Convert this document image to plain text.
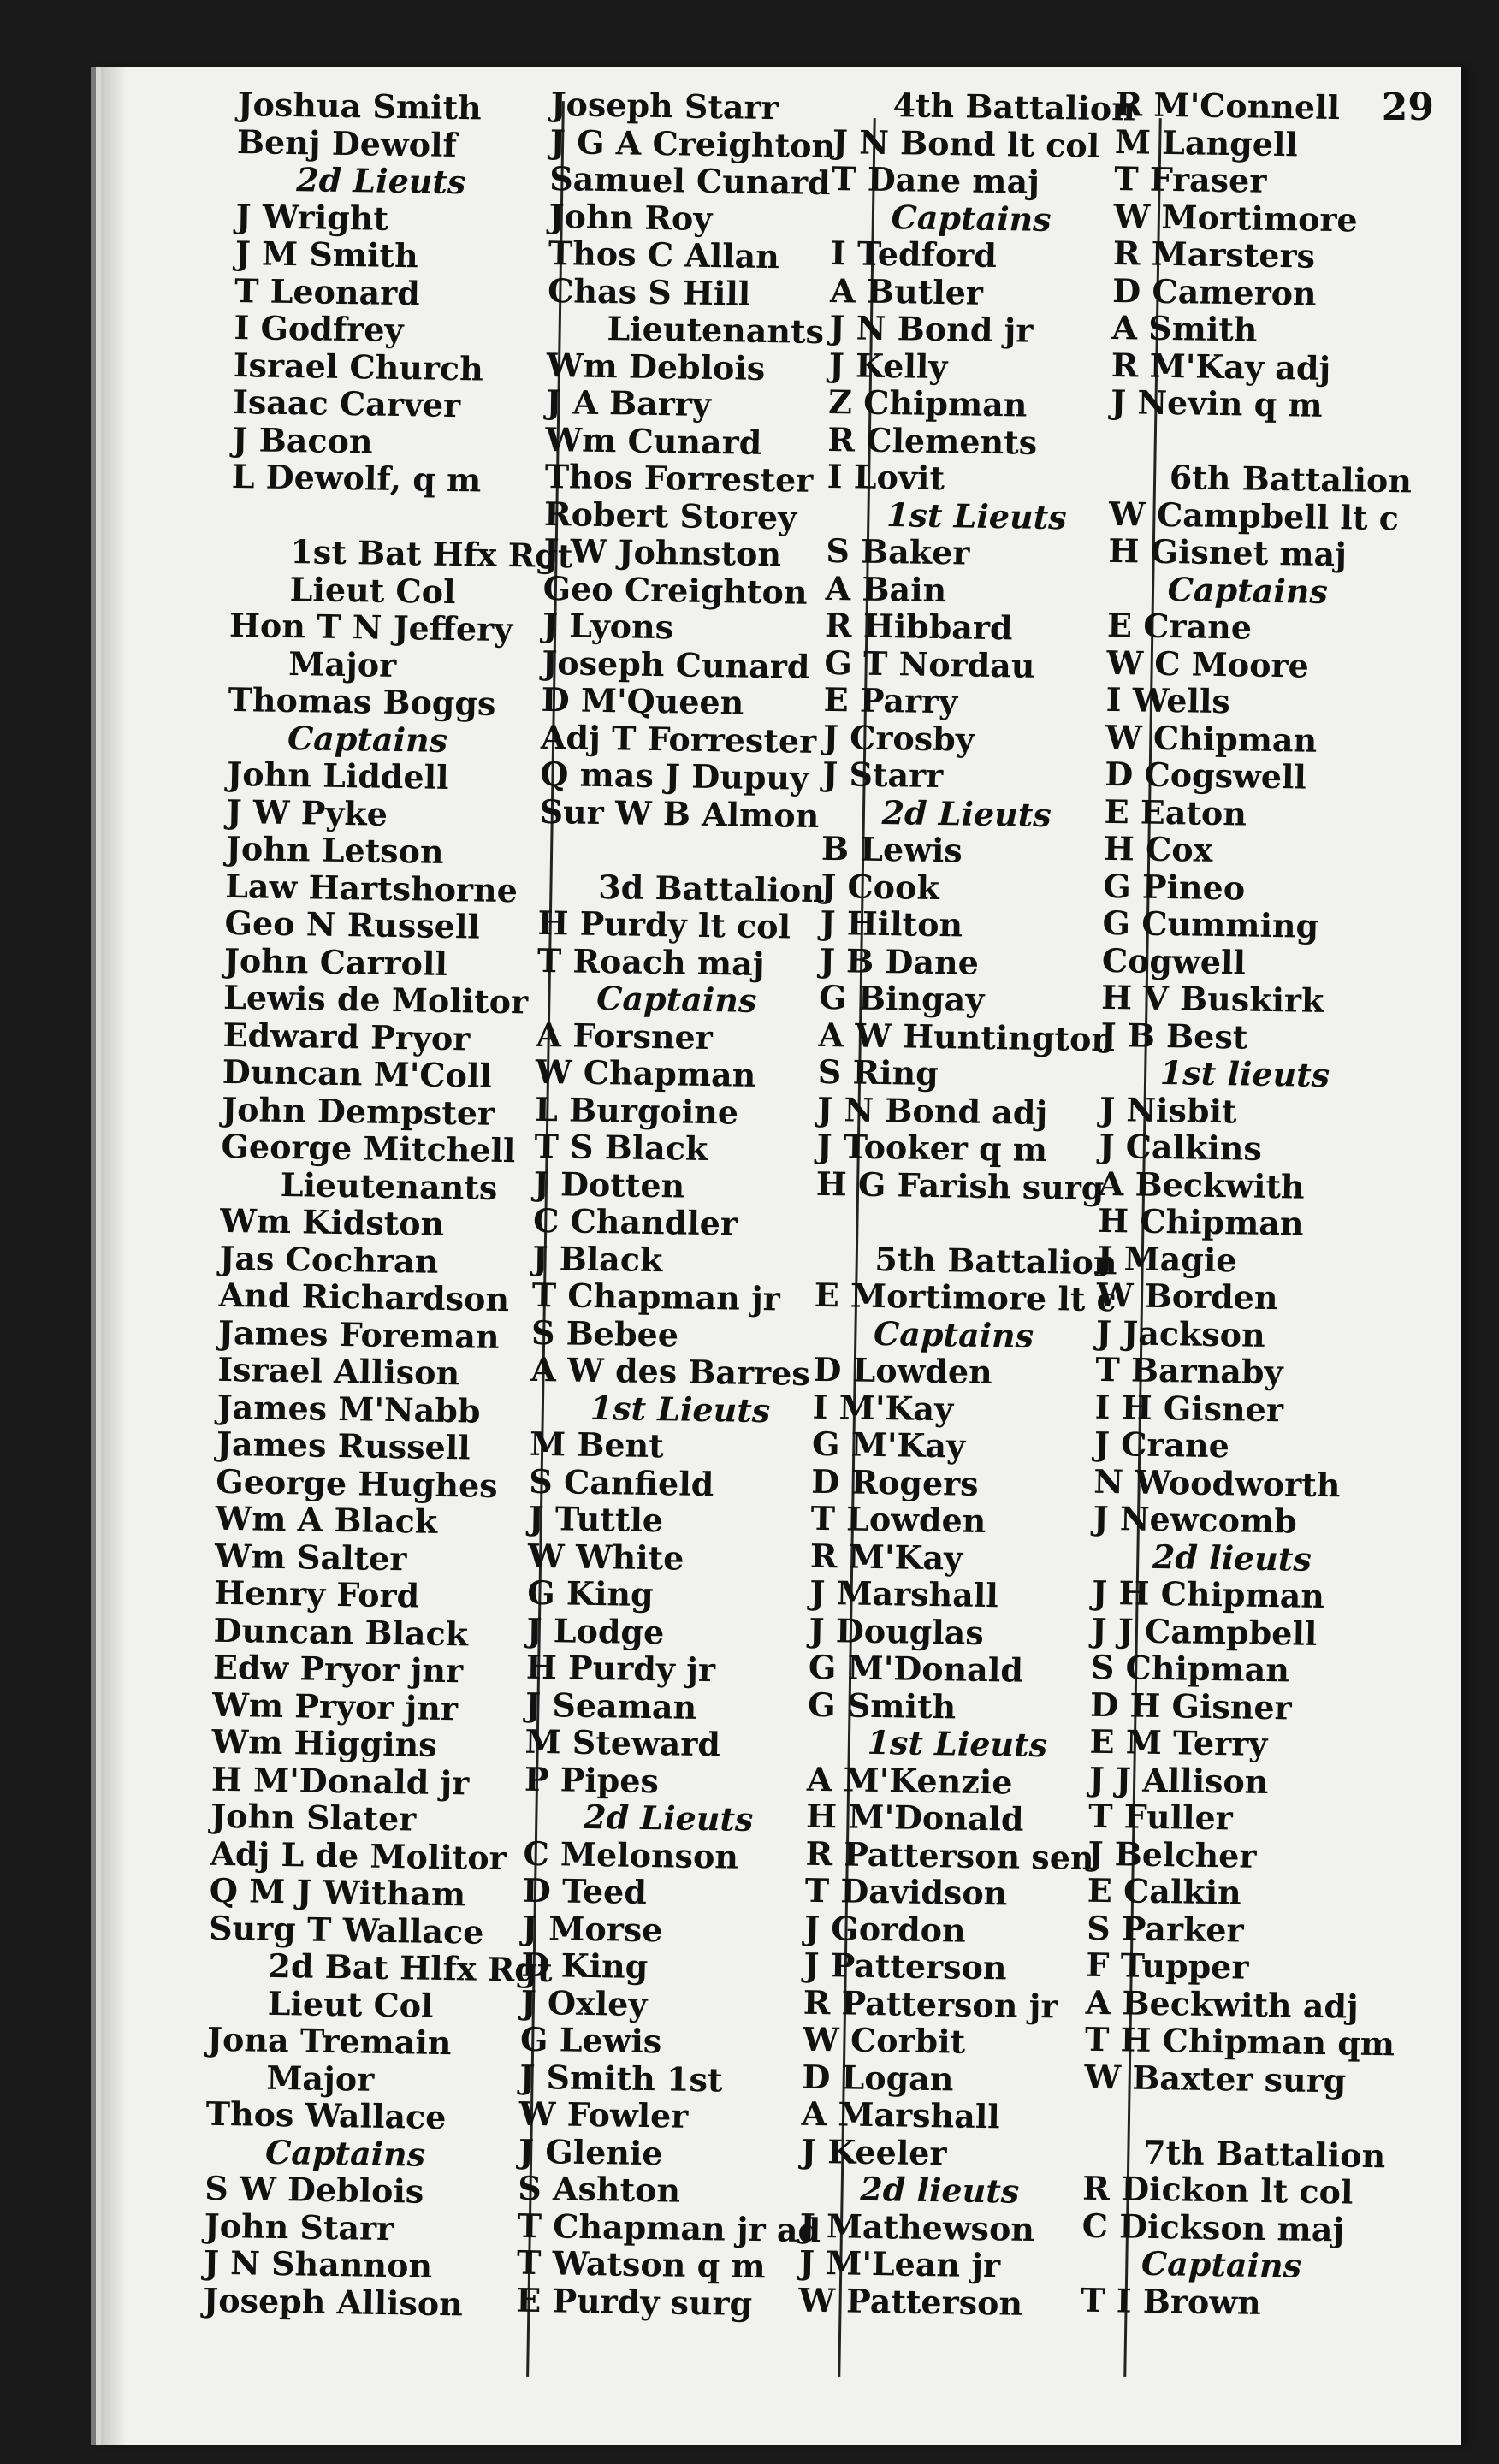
29
Joshua Smith
Benj Dewolf
2d Lieuts
J Wright
J M Smith
T Leonard
I Godfrey
Israel Church
Isaac Carver
J Bacon
L Dewolf, q m
1st Bat Hfx Rgt
Lieut Col
Hon T N Jeffery
Major
Thomas Boggs
Captains
John Liddell
J W Pyke
John Letson
Law Hartshorne
Geo N Russell
John Carroll
Lewis de Molitor
Edward Pryor
Duncan M'Coll
John Dempster
George Mitchell
Lieutenants
Wm Kidston
Jas Cochran
And Richardson
James Foreman
Israel Allison
James M'Nabb
James Russell
George Hughes
Wm A Black
Wm Salter
Henry Ford
Duncan Black
Edw Pryor jnr
Wm Pryor jnr
Wm Higgins
H M'Donald jr
John Slater
Adj L de Molitor
Q M J Witham
Surg T Wallace
2d Bat Hlfx Rgt
Lieut Col
Jona Tremain
Major
Thos Wallace
Captains
S W Deblois
John Starr
J N Shannon
Joseph Allison
Joseph Starr
J G A Creighton
Samuel Cunard
John Roy
Thos C Allan
Chas S Hill
Lieutenants
Wm Deblois
J A Barry
Wm Cunard
Thos Forrester
Robert Storey
J W Johnston
Geo Creighton
J Lyons
Joseph Cunard
D M'Queen
Adj T Forrester
Q mas J Dupuy
Sur W B Almon
3d Battalion
H Purdy lt col
T Roach maj
Captains
A Forsner
W Chapman
L Burgoine
T S Black
J Dotten
C Chandler
J Black
T Chapman jr
S Bebee
A W des Barres
1st Lieuts
M Bent
S Canfield
J Tuttle
W White
G King
J Lodge
H Purdy jr
J Seaman
M Steward
P Pipes
2d Lieuts
C Melonson
D Teed
J Morse
D King
J Oxley
G Lewis
J Smith 1st
W Fowler
J Glenie
S Ashton
T Chapman jr ad
T Watson q m
E Purdy surg
4th Battalion
J N Bond lt col
T Dane maj
Captains
I Tedford
A Butler
J N Bond jr
J Kelly
Z Chipman
R Clements
I Lovit
1st Lieuts
S Baker
A Bain
R Hibbard
G T Nordau
E Parry
J Crosby
J Starr
2d Lieuts
B Lewis
J Cook
J Hilton
J B Dane
G Bingay
A W Huntington
S Ring
J N Bond adj
J Tooker q m
H G Farish surg
5th Battalion
E Mortimore lt c
Captains
D Lowden
I M'Kay
G M'Kay
D Rogers
T Lowden
R M'Kay
J Marshall
J Douglas
G M'Donald
G Smith
1st Lieuts
A M'Kenzie
H M'Donald
R Patterson sen
T Davidson
J Gordon
J Patterson
R Patterson jr
W Corbit
D Logan
A Marshall
J Keeler
2d lieuts
J Mathewson
J M'Lean jr
W Patterson
R M'Connell
M Langell
T Fraser
W Mortimore
R Marsters
D Cameron
A Smith
R M'Kay adj
J Nevin q m
6th Battalion
W Campbell lt c
H Gisnet maj
Captains
E Crane
W C Moore
I Wells
W Chipman
D Cogswell
E Eaton
H Cox
G Pineo
G Cumming
Cogwell
H V Buskirk
J B Best
1st lieuts
J Nisbit
J Calkins
A Beckwith
H Chipman
J Magie
W Borden
J Jackson
T Barnaby
I H Gisner
J Crane
N Woodworth
J Newcomb
2d lieuts
J H Chipman
J J Campbell
S Chipman
D H Gisner
E M Terry
J J Allison
T Fuller
J Belcher
E Calkin
S Parker
F Tupper
A Beckwith adj
T H Chipman qm
W Baxter surg
7th Battalion
R Dickon lt col
C Dickson maj
Captains
T I Brown
